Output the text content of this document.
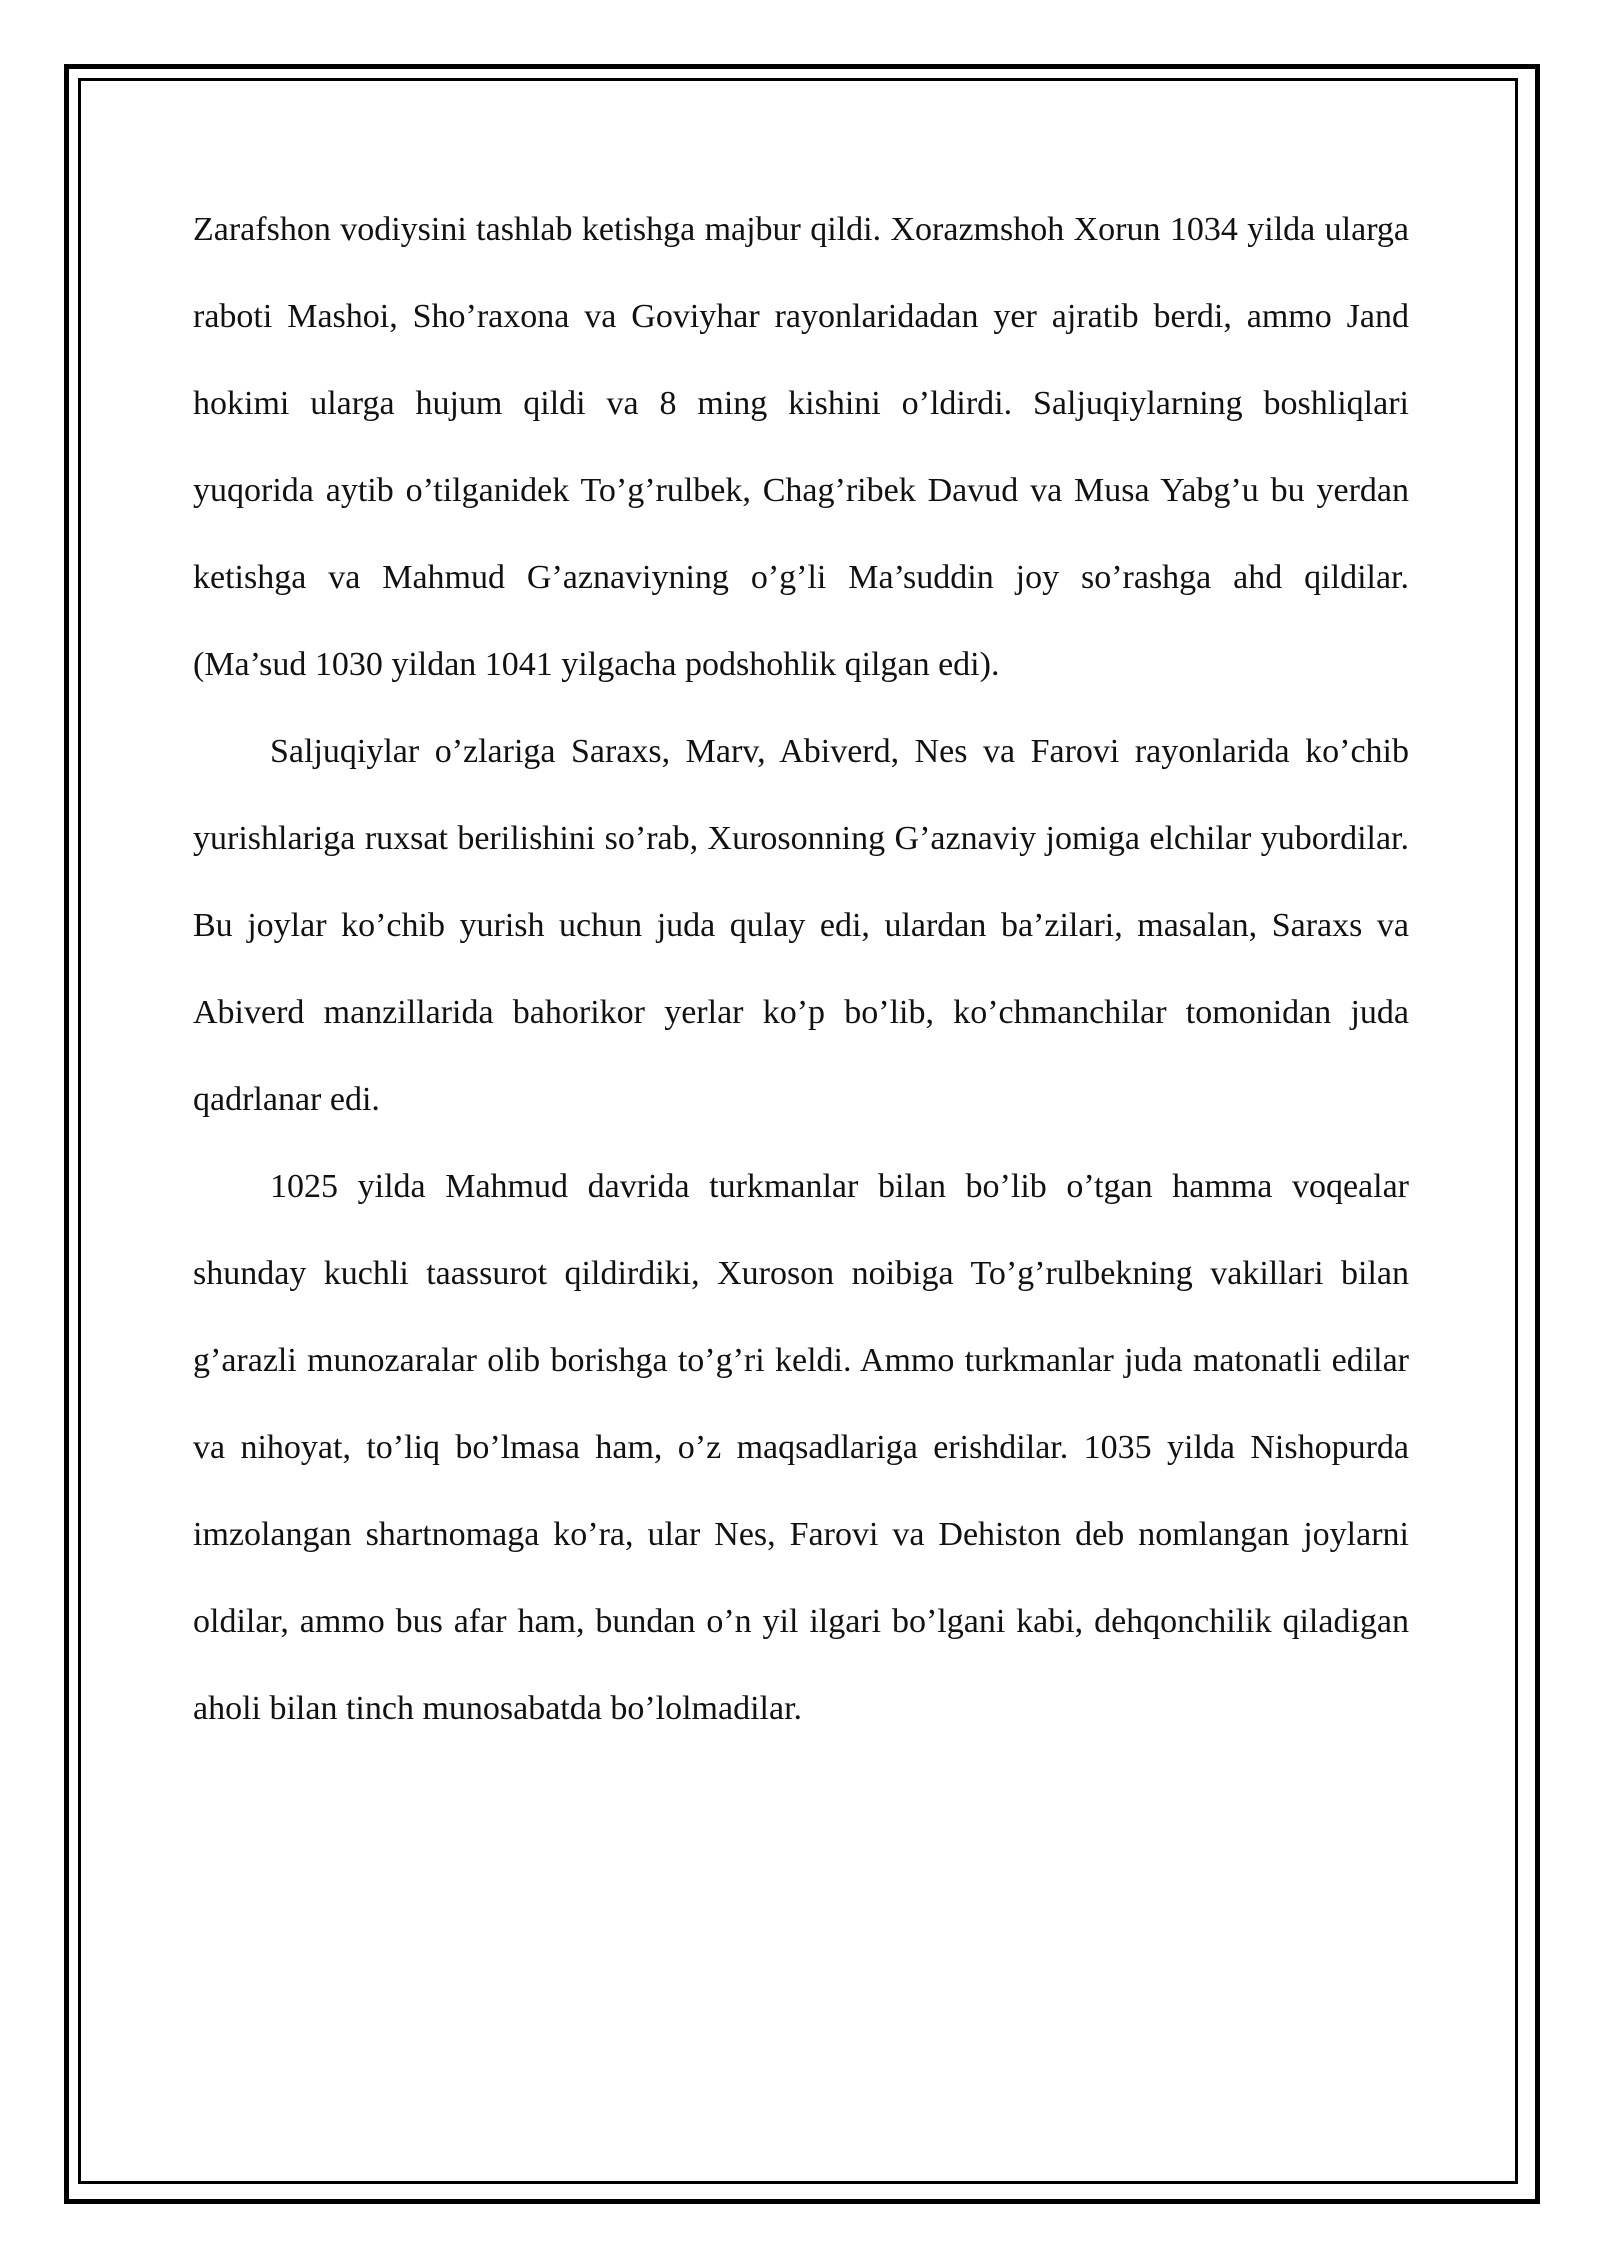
Zarafshon vodiysini tashlab ketishga majbur qildi. Xorazmshoh Xorun 1034 yilda ularga raboti Mashoi, Sho’raxona va Goviyhar rayonlaridadan yer ajratib berdi, ammo Jand hokimi ularga hujum qildi va 8 ming kishini o’ldirdi. Saljuqiylarning boshliqlari yuqorida aytib o’tilganidek To’g’rulbek, Chag’ribek Davud va Musa Yabg’u bu yerdan ketishga va Mahmud G’aznaviyning o’g’li Ma’suddin joy so’rashga ahd qildilar. (Ma’sud 1030 yildan 1041 yilgacha podshohlik qilgan edi).

Saljuqiylar o’zlariga Saraxs, Marv, Abiverd, Nes va Farovi rayonlarida ko’chib yurishlariga ruxsat berilishini so’rab, Xurosonning G’aznaviy jomiga elchilar yubordilar. Bu joylar ko’chib yurish uchun juda qulay edi, ulardan ba’zilari, masalan, Saraxs va Abiverd manzillarida bahorikor yerlar ko’p bo’lib, ko’chmanchilar tomonidan juda qadrlanar edi.

1025 yilda Mahmud davrida turkmanlar bilan bo’lib o’tgan hamma voqealar shunday kuchli taassurot qildirdiki, Xuroson noibiga To’g’rulbekning vakillari bilan g’arazli munozaralar olib borishga to’g’ri keldi. Ammo turkmanlar juda matonatli edilar va nihoyat, to’liq bo’lmasa ham, o’z maqsadlariga erishdilar. 1035 yilda Nishopurda imzolangan shartnomaga ko’ra, ular Nes, Farovi va Dehiston deb nomlangan joylarni oldilar, ammo bus afar ham, bundan o’n yil ilgari bo’lgani kabi, dehqonchilik qiladigan aholi bilan tinch munosabatda bo’lolmadilar.
